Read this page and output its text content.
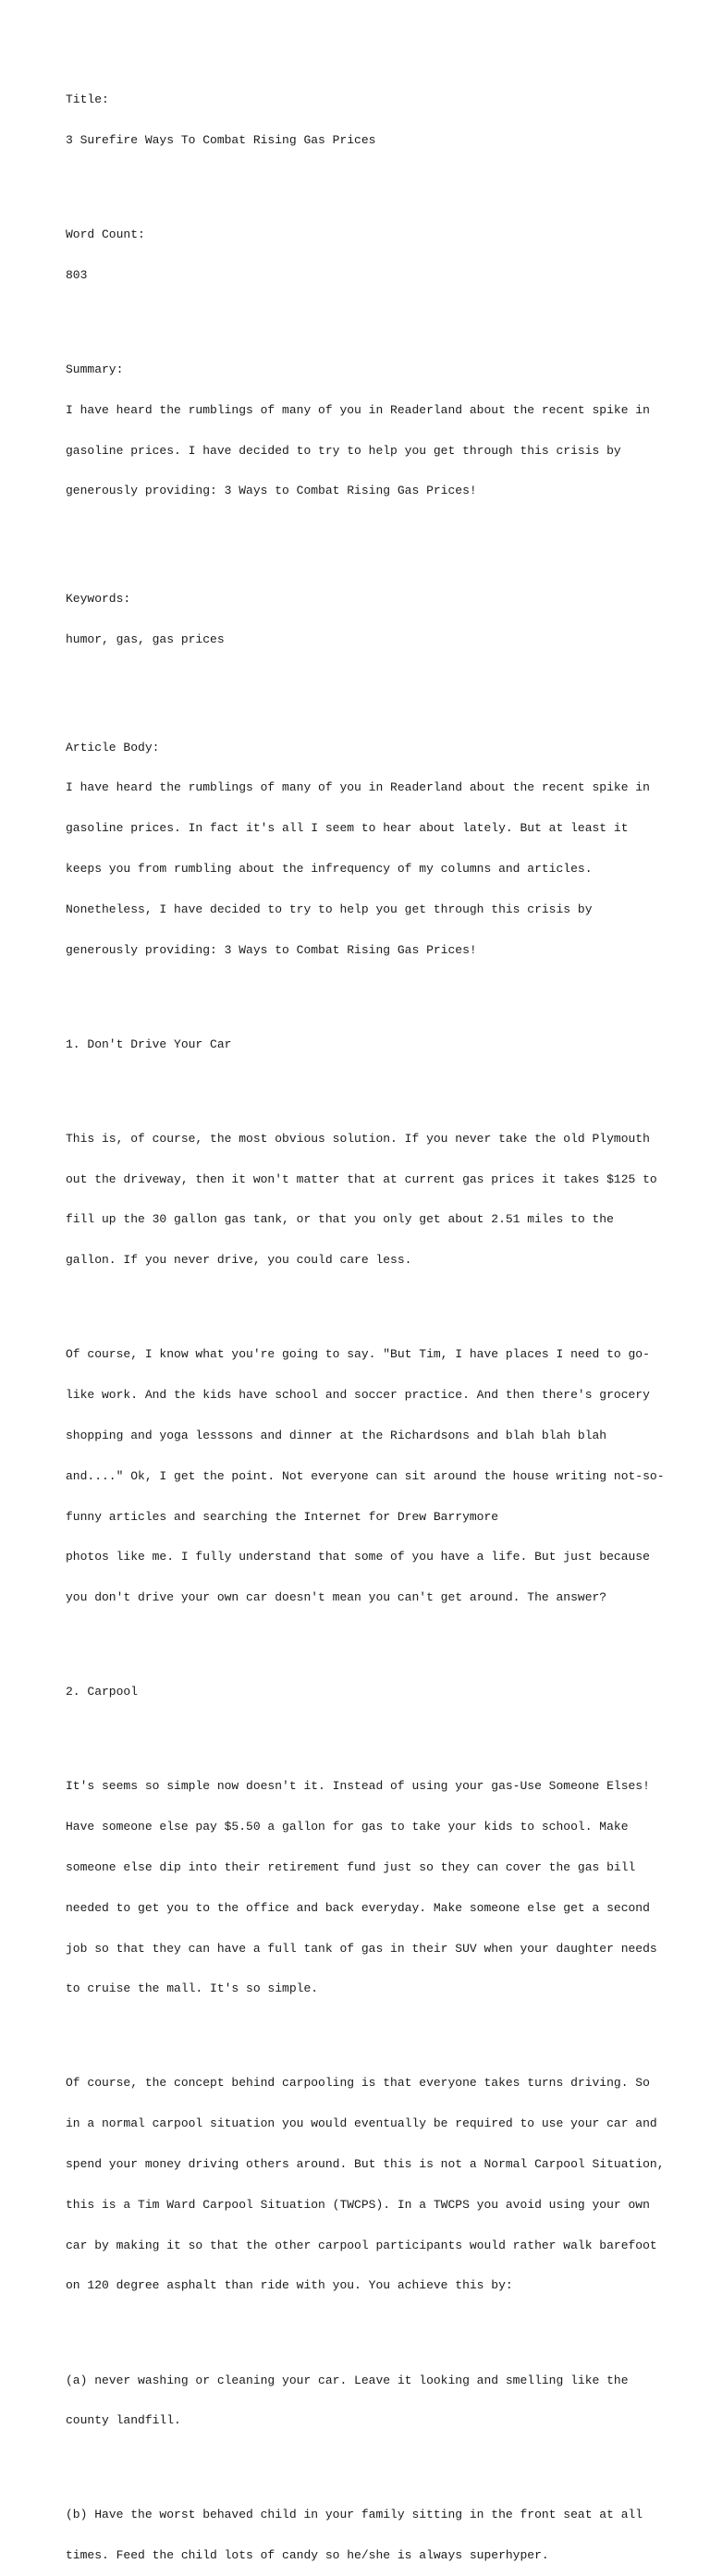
Title:

3 Surefire Ways To Combat Rising Gas Prices

Word Count:

803

Summary:

I have heard the rumblings of many of you in Readerland about the recent spike in

gasoline prices. I have decided to try to help you get through this crisis by

generously providing: 3 Ways to Combat Rising Gas Prices!

Keywords:

humor, gas, gas prices

Article Body:

I have heard the rumblings of many of you in Readerland about the recent spike in

gasoline prices. In fact it's all I seem to hear about lately. But at least it

keeps you from rumbling about the infrequency of my columns and articles.

Nonetheless, I have decided to try to help you get through this crisis by

generously providing: 3 Ways to Combat Rising Gas Prices!

1. Don't Drive Your Car

This is, of course, the most obvious solution. If you never take the old Plymouth

out the driveway, then it won't matter that at current gas prices it takes $125 to

fill up the 30 gallon gas tank, or that you only get about 2.51 miles to the

gallon. If you never drive, you could care less.

Of course, I know what you're going to say. "But Tim, I have places I need to go-

like work. And the kids have school and soccer practice. And then there's grocery

shopping and yoga lesssons and dinner at the Richardsons and blah blah blah

and...." Ok, I get the point. Not everyone can sit around the house writing not-so-

funny articles and searching the Internet for Drew Barrymore

photos like me. I fully understand that some of you have a life. But just because

you don't drive your own car doesn't mean you can't get around. The answer?

2. Carpool

It's seems so simple now doesn't it. Instead of using your gas-Use Someone Elses!

Have someone else pay $5.50 a gallon for gas to take your kids to school. Make

someone else dip into their retirement fund just so they can cover the gas bill

needed to get you to the office and back everyday. Make someone else get a second

job so that they can have a full tank of gas in their SUV when your daughter needs

to cruise the mall. It's so simple.

Of course, the concept behind carpooling is that everyone takes turns driving. So

in a normal carpool situation you would eventually be required to use your car and

spend your money driving others around. But this is not a Normal Carpool Situation,

this is a Tim Ward Carpool Situation (TWCPS). In a TWCPS you avoid using your own

car by making it so that the other carpool participants would rather walk barefoot

on 120 degree asphalt than ride with you. You achieve this by:

(a) never washing or cleaning your car. Leave it looking and smelling like the

county landfill.

(b) Have the worst behaved child in your family sitting in the front seat at all

times. Feed the child lots of candy so he/she is always superhyper.
